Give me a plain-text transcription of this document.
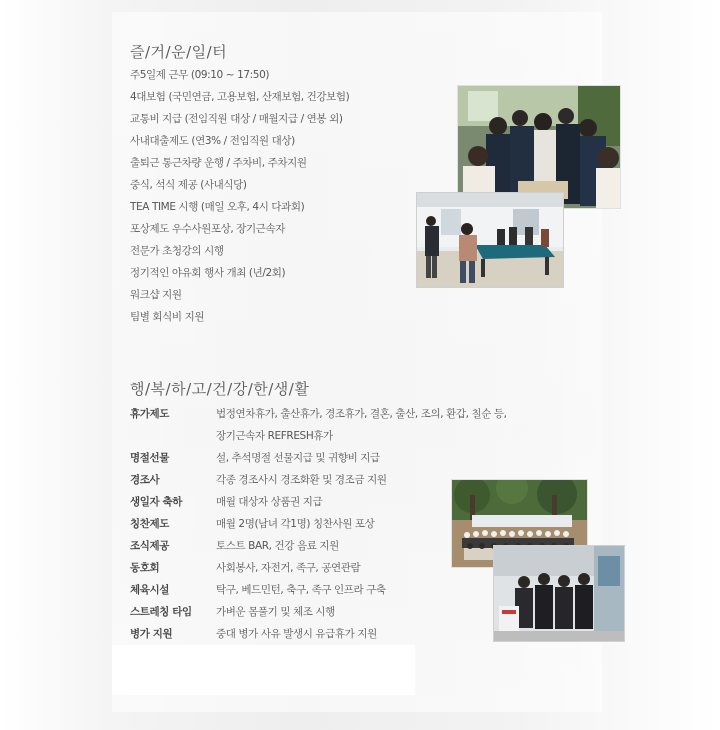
즐/거/운/일/터
주5일제 근무 (09:10 ~ 17:50)
4대보험 (국민연금, 고용보험, 산재보험, 건강보험)
교통비 지급 (전임직원 대상 / 매월지급 / 연봉 외)
사내대출제도 (연3% / 전임직원 대상)
출퇴근 통근차량 운행 / 주차비, 주차지원
중식, 석식 제공 (사내식당)
TEA TIME 시행 (매일 오후, 4시 다과회)
포상제도 우수사원포상, 장기근속자
전문가 초청강의 시행
정기적인 야유회 행사 개최 (년/2회)
워크샵 지원
팀별 회식비 지원
행/복/하/고/건/강/한/생/활
휴가제도	법정연차휴가, 출산휴가, 경조휴가, 결혼, 출산, 조의, 환갑, 칠순 등,
장기근속자 REFRESH휴가
명절선물	설, 추석명절 선물지급 및 귀향비 지급
경조사	각종 경조사시 경조화환 및 경조금 지원
생일자 축하	매월 대상자 상품권 지급
칭찬제도	매월 2명(남녀 각1명) 칭찬사원 포상
조식제공	토스트 BAR, 건강 음료 지원
동호회	사회봉사, 자전거, 족구, 공연관람
체육시설	탁구, 베드민턴, 축구, 족구 인프라 구축
스트레칭 타임	가벼운 몸풀기 및 체조 시행
병가 지원	중대 병가 사유 발생시 유급휴가 지원
